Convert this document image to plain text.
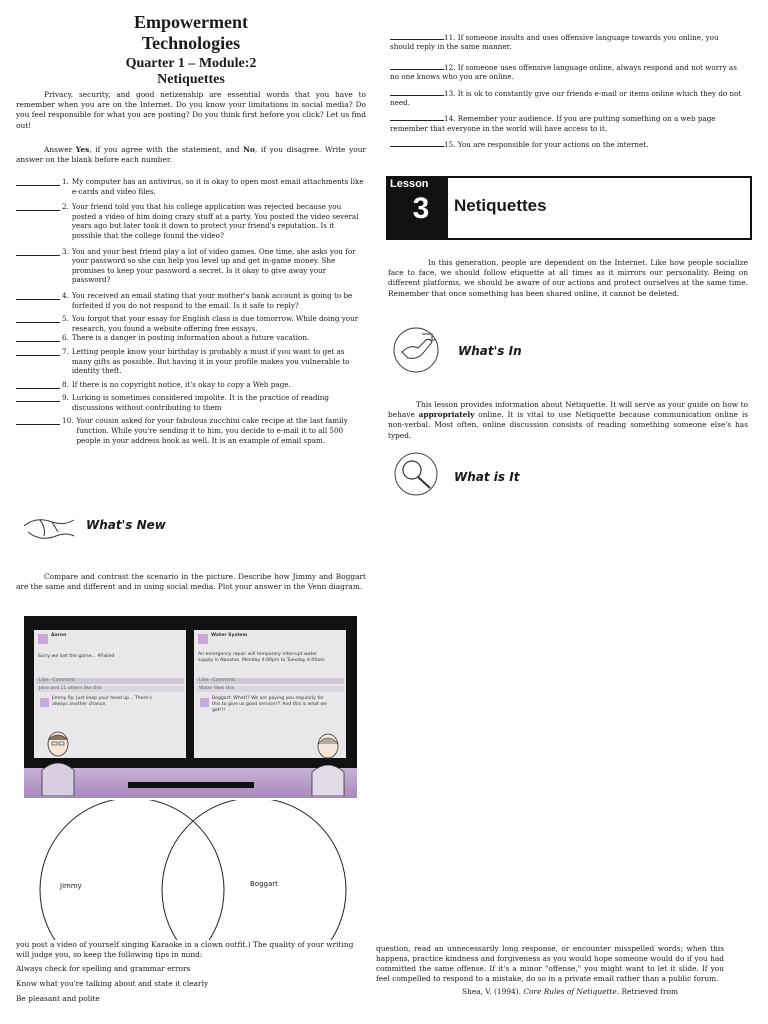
Empowerment
Technologies
Quarter 1 – Module:2
Netiquettes
Privacy, security, and good netizenship are essential words that you have to remember when you are on the Internet. Do you know your limitations in social media? Do you feel responsible for what you are posting? Do you think first before you click? Let us find out!
Answer Yes, if you agree with the statement, and No, if you disagree. Write your answer on the blank before each number.
1. My computer has an antivirus, so it is okay to open most email attachments like e-cards and video files.
2. Your friend told you that his college application was rejected because you posted a video of him doing crazy stuff at a party. You posted the video several years ago but later took it down to protect your friend's reputation. Is it possible that the college found the video?
3. You and your best friend play a lot of video games. One time, she asks you for your password so she can help you level up and get in-game money. She promises to keep your password a secret. Is it okay to give away your password?
4. You received an email stating that your mother's bank account is going to be forfeited if you do not respond to the email. Is it safe to reply?
5. You forgot that your essay for English class is due tomorrow. While doing your research, you found a website offering free essays.
6. There is a danger in posting information about a future vacation.
7. Letting people know your birthday is probably a must if you want to get as many gifts as possible. But having it in your profile makes you vulnerable to identity theft.
8. If there is no copyright notice, it's okay to copy a Web page.
9. Lurking is sometimes considered impolite. It is the practice of reading discussions without contributing to them
10. Your cousin asked for your fabulous zucchini cake recipe at the last family function. While you're sending it to him, you decide to e-mail it to all 500 people in your address book as well. It is an example of email spam.
What's New
Compare and contrast the scenario in the picture. Describe how Jimmy and Boggart are the same and different and in using social media. Plot your answer in the Venn diagram.
Aaron
Sorry we lost the game... #Failed
Like · Comment
Jane and 11 others like this
Jimmy Ry: Just keep your head up... There's always another chance.
Water System
An emergency repair will temporary interrupt water supply in Navotas. Monday 4:00pm to Tuesday 4:00am
Like · Comment
Water likes this
Boggart: What!? We are paying you regularly for this to give us good service!!! And this is what we get!!!
Jimmy	Boggart
you post a video of yourself singing Karaoke in a clown outfit.) The quality of your writing will judge you, so keep the following tips in mind:
Always check for spelling and grammar errors
Know what you're talking about and state it clearly
Be pleasant and polite
11. If someone insults and uses offensive language towards you online, you should reply in the same manner.
12. If someone uses offensive language online, always respond and not worry as no one knows who you are online.
13. It is ok to constantly give our friends e-mail or items online which they do not need.
14. Remember your audience. If you are putting something on a web page remember that everyone in the world will have access to it.
15. You are responsible for your actions on the internet.
Lesson
3	Netiquettes
In this generation, people are dependent on the Internet. Like how people socialize face to face, we should follow etiquette at all times as it mirrors our personality. Being on different platforms, we should be aware of our actions and protect ourselves at the same time. Remember that once something has been shared online, it cannot be deleted.
What's In
This lesson provides information about Netiquette. It will serve as your guide on how to behave appropriately online. It is vital to use Netiquette because communication online is non-verbal. Most often, online discussion consists of reading something someone else's has typed.
What is It
question, read an unnecessarily long response, or encounter misspelled words; when this happens, practice kindness and forgiveness as you would hope someone would do if you had committed the same offense. If it's a minor "offense," you might want to let it slide. If you feel compelled to respond to a mistake, do so in a private email rather than a public forum.
Shea, V. (1994). Core Rules of Netiquette. Retrieved from
